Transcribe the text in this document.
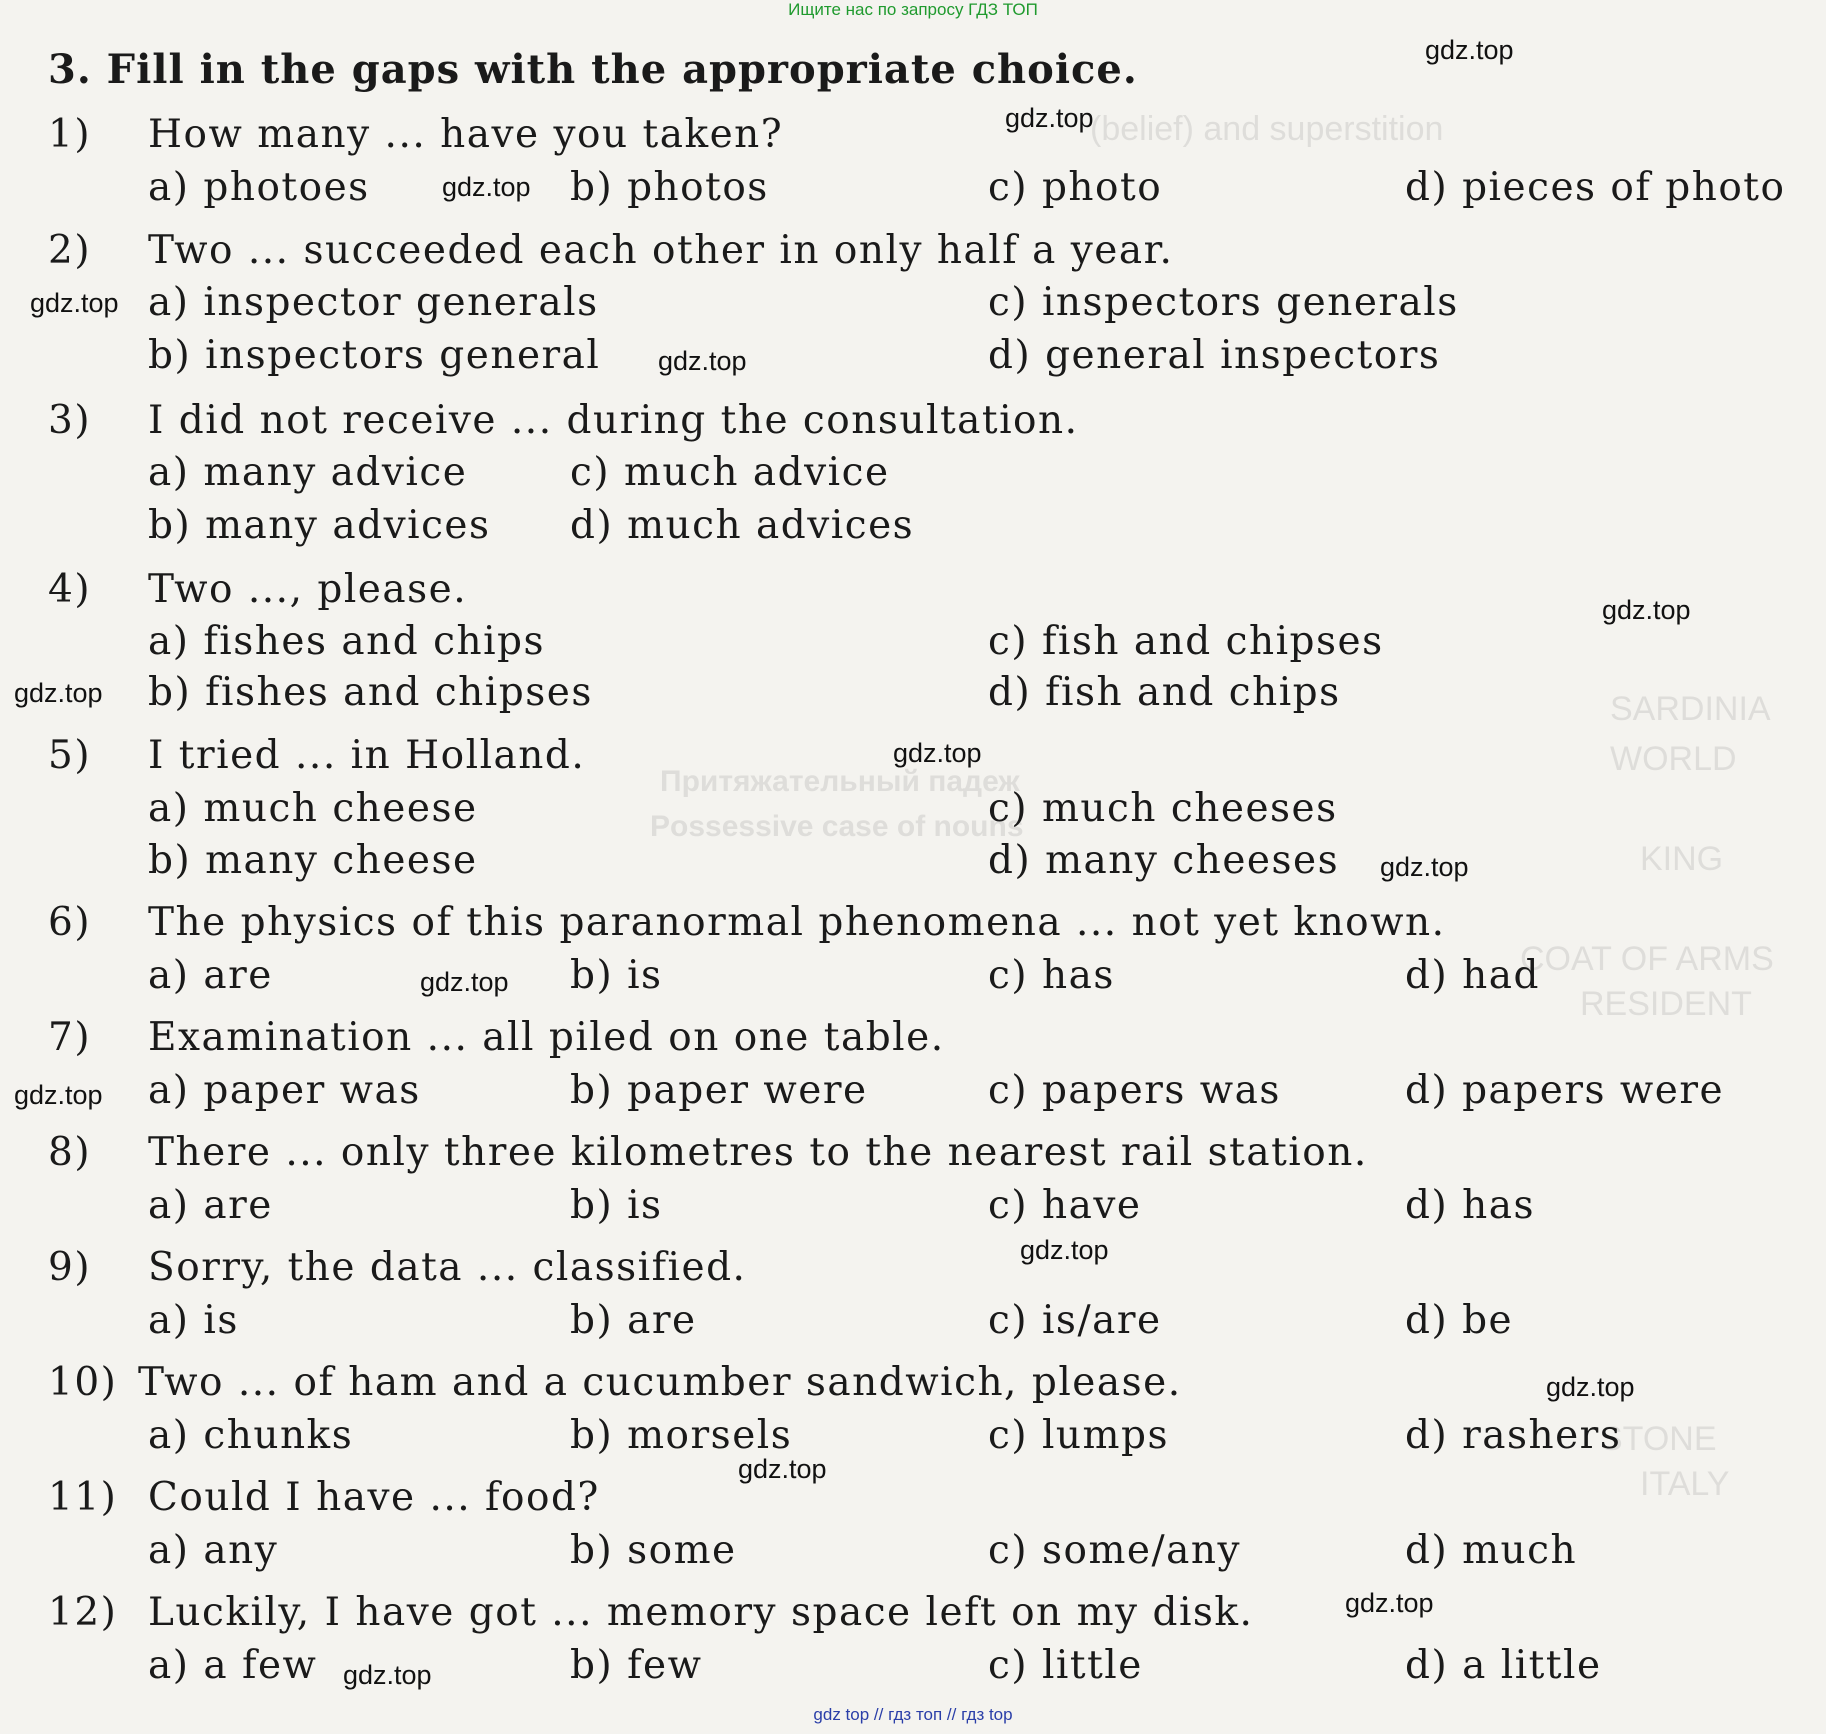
(belief) and superstition
Притяжательный падеж
Possessive case of nouns
SARDINIA
WORLD
KING
COAT OF ARMS
RESIDENT
STONE
ITALY
Ищите нас по запросу ГДЗ ТОП
3. Fill in the gaps with the appropriate choice.
1) How many ... have you taken?
a) photoes	b) photos	c) photo	d) pieces of photo
2) Two ... succeeded each other in only half a year.
a) inspector generals
b) inspectors general
c) inspectors generals
d) general inspectors
3) I did not receive ... during the consultation.
a) many advice
b) many advices
c) much advice
d) much advices
4) Two ..., please.
a) fishes and chips
b) fishes and chipses
c) fish and chipses
d) fish and chips
5) I tried ... in Holland.
a) much cheese
b) many cheese
c) much cheeses
d) many cheeses
6) The physics of this paranormal phenomena ... not yet known.
a) are	b) is	c) has	d) had
7) Examination ... all piled on one table.
a) paper was	b) paper were	c) papers was	d) papers were
8) There ... only three kilometres to the nearest rail station.
a) are	b) is	c) have	d) has
9) Sorry, the data ... classified.
a) is	b) are	c) is/are	d) be
10) Two ... of ham and a cucumber sandwich, please.
a) chunks	b) morsels	c) lumps	d) rashers
11) Could I have ... food?
a) any	b) some	c) some/any	d) much
12) Luckily, I have got ... memory space left on my disk.
a) a few	b) few	c) little	d) a little
gdz.top
gdz.top
gdz.top
gdz.top
gdz.top
gdz.top
gdz.top
gdz.top
gdz.top
gdz.top
gdz.top
gdz.top
gdz.top
gdz.top
gdz.top
gdz.top
gdz top // гдз топ // гдз top
